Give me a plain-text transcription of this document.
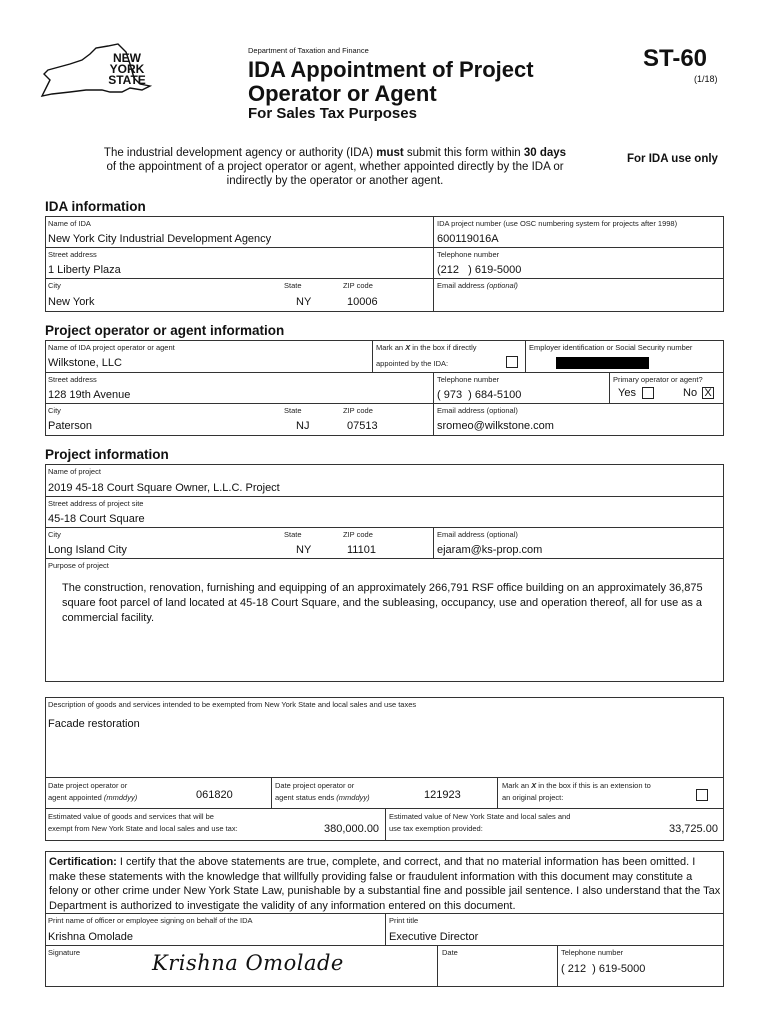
NEW
YORK
STATE
Department of Taxation and Finance
IDA Appointment of Project
Operator or Agent
For Sales Tax Purposes
ST-60
(1/18)
The industrial development agency or authority (IDA) must submit this form within 30 days
of the appointment of a project operator or agent, whether appointed directly by the IDA or
indirectly by the operator or another agent.
For IDA use only
IDA information
Name of IDA
New York City Industrial Development Agency
IDA project number (use OSC numbering system for projects after 1998)
600119016A
Street address
1 Liberty Plaza
Telephone number
(212   ) 619-5000
City
New York
State
NY
ZIP code
10006
Email address (optional)
Project operator or agent information
Name of IDA project operator or agent
Wilkstone, LLC
Mark an X in the box if directly
appointed by the IDA:
Employer identification or Social Security number
Street address
128 19th Avenue
Telephone number
( 973  ) 684-5100
Primary operator or agent?
Yes	No X
City
Paterson
State
NJ
ZIP code
07513
Email address (optional)
sromeo@wilkstone.com
Project information
Name of project
2019 45-18 Court Square Owner, L.L.C. Project
Street address of project site
45-18 Court Square
City
Long Island City
State
NY
ZIP code
11101
Email address (optional)
ejaram@ks-prop.com
Purpose of project
The construction, renovation, furnishing and equipping of an approximately 266,791 RSF office building on an approximately 36,875 square foot parcel of land located at 45-18 Court Square, and the subleasing, occupancy, use and operation thereof, all for use as a commercial facility.
Description of goods and services intended to be exempted from New York State and local sales and use taxes
Facade restoration
Date project operator or
agent appointed (mmddyy)	061820
Date project operator or
agent status ends (mmddyy)	121923
Mark an X in the box if this is an extension to
an original project:
Estimated value of goods and services that will be
exempt from New York State and local sales and use tax:	380,000.00
Estimated value of New York State and local sales and
use tax exemption provided:	33,725.00
Certification: I certify that the above statements are true, complete, and correct, and that no material information has been omitted. I make these statements with the knowledge that willfully providing false or fraudulent information with this document may constitute a felony or other crime under New York State Law, punishable by a substantial fine and possible jail sentence. I also understand that the Tax Department is authorized to investigate the validity of any information entered on this document.
Print name of officer or employee signing on behalf of the IDA
Krishna Omolade
Print title
Executive Director
Signature	Krishna Omolade	Date	Telephone number
( 212  ) 619-5000
